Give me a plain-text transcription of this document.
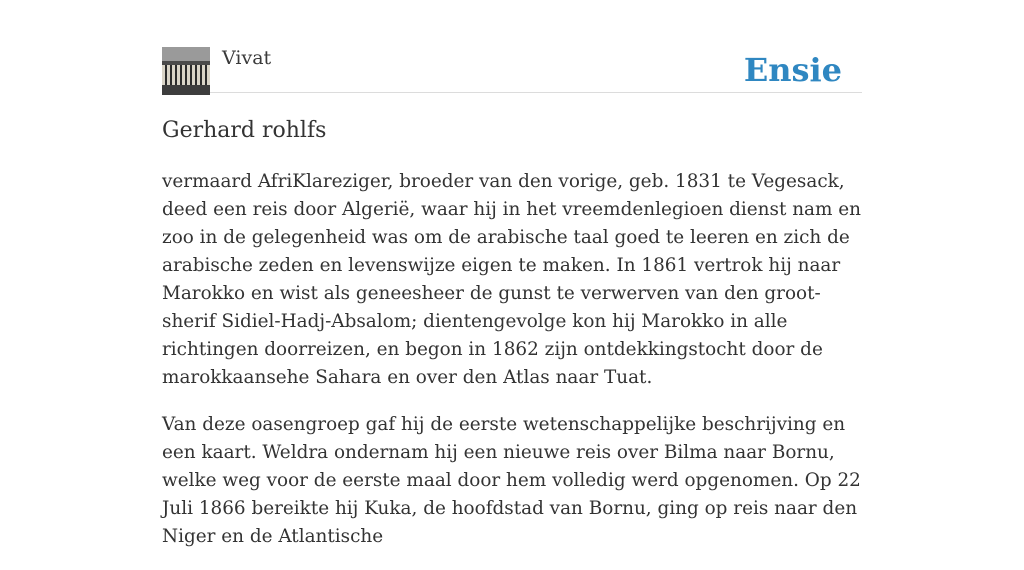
Vivat	Ensie
Gerhard rohlfs

vermaard AfriKlareziger, broeder van den vorige, geb. 1831 te Vegesack, deed een reis door Algerië, waar hij in het vreemdenlegioen dienst nam en zoo in de gelegenheid was om de arabische taal goed te leeren en zich de arabische zeden en levenswijze eigen te maken. In 1861 vertrok hij naar Marokko en wist als geneesheer de gunst te verwerven van den groot-sherif Sidiel-Hadj-Absalom; dientengevolge kon hij Marokko in alle richtingen doorreizen, en begon in 1862 zijn ontdekkingstocht door de marokkaansehe Sahara en over den Atlas naar Tuat.

Van deze oasengroep gaf hij de eerste wetenschappelijke beschrijving en een kaart. Weldra ondernam hij een nieuwe reis over Bilma naar Bornu, welke weg voor de eerste maal door hem volledig werd opgenomen. Op 22 Juli 1866 bereikte hij Kuka, de hoofdstad van Bornu, ging op reis naar den Niger en de Atlantische
